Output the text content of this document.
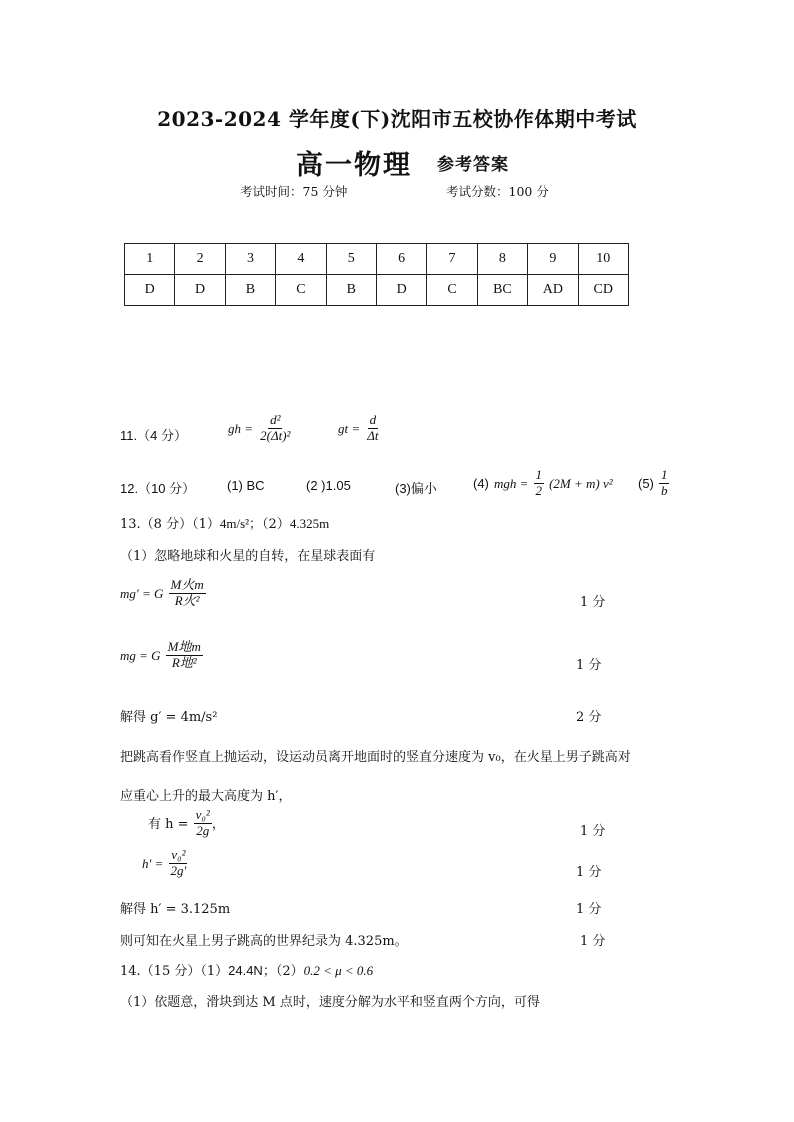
2023-2024 学年度(下)沈阳市五校协作体期中考试
高一物理 参考答案
考试时间：75 分钟	考试分数：100 分
1	2	3	4	5	6	7	8	9	10
D	D	B	C	B	D	C	BC	AD	CD
11.（4 分）	gh = $\frac{\text{d²}}{\text{2(Δt)²}}$	gt = $\frac{d}{\Delta t}$
12.（10 分） (1) BC	(2 )1.05	(3)偏小	(4) mgh = $\frac{1}{2} (2M + m)$ v² $(5) \frac{1}{b}$
13.（8 分）（1）4m/s²；（2）4.325m
（1）忽略地球和火星的自转，在星球表面有
mg′ = G $\frac{\text{M火m}}{\text{R火²}}$	1 分
mg = G $\frac{\text{M地m}}{\text{R地²}}$	1 分
解得 g′ = 4m/s²	2 分
把跳高看作竖直上抛运动，设运动员离开地面时的竖直分速度为 v₀，在火星上男子跳高对
应重心上升的最大高度为 h′，
有 $h = \frac{\text{v₀²}}{2g}$ ，	1 分
$h' = \frac{\text{v₀²}}{2g'}$	1 分
解得 h′ = 3.125m	1 分
则可知在火星上男子跳高的世界纪录为 4.325m。	1 分
14.（15 分）（1）24.4N；（2）0.2 < μ < 0.6
（1）依题意，滑块到达 M 点时，速度分解为水平和竖直两个方向，可得
